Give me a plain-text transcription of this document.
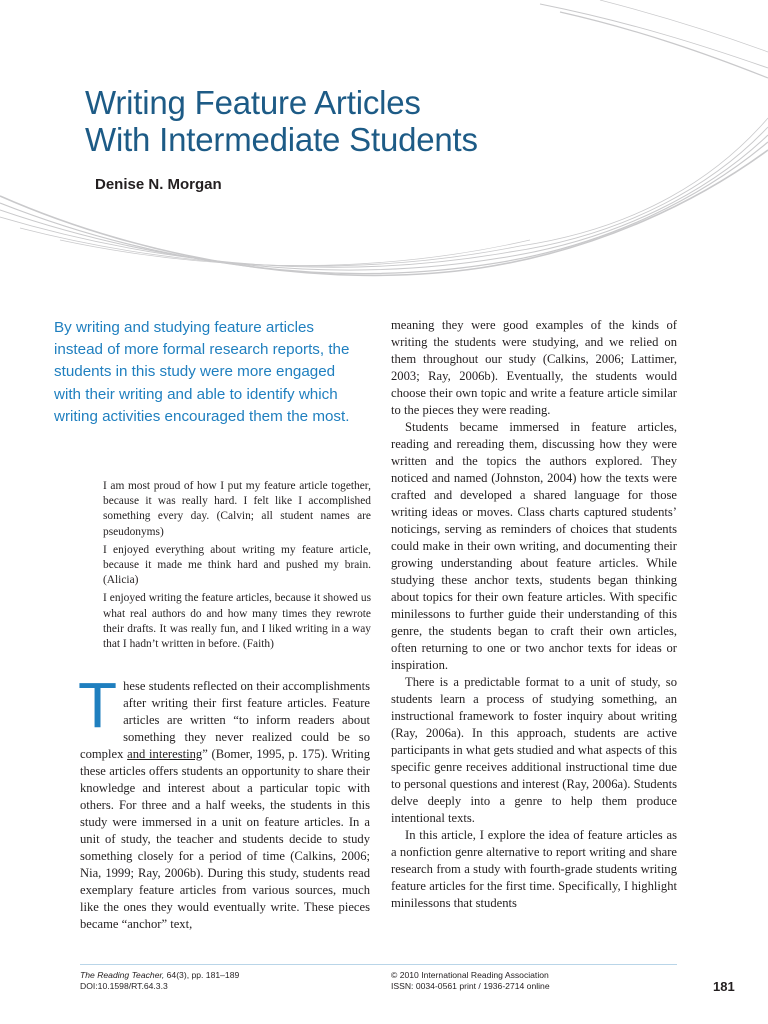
Writing Feature Articles
With Intermediate Students
Denise N. Morgan

By writing and studying feature articles instead of more formal research reports, the students in this study were more engaged with their writing and able to identify which writing activities encouraged them the most.

I am most proud of how I put my feature article together, because it was really hard. I felt like I accomplished something every day. (Calvin; all student names are pseudonyms)

I enjoyed everything about writing my feature article, because it made me think hard and pushed my brain. (Alicia)

I enjoyed writing the feature articles, because it showed us what real authors do and how many times they rewrote their drafts. It was really fun, and I liked writing in a way that I hadn’t written in before. (Faith)

These students reflected on their accomplishments after writing their first feature articles. Feature articles are written “to inform readers about something they never realized could be so complex and interesting” (Bomer, 1995, p. 175). Writing these articles offers students an opportunity to share their knowledge and interest about a particular topic with others. For three and a half weeks, the students in this study were immersed in a unit on feature articles. In a unit of study, the teacher and students decide to study something closely for a period of time (Calkins, 2006; Nia, 1999; Ray, 2006b). During this study, students read exemplary feature articles from various sources, much like the ones they would eventually write. These pieces became “anchor” text,

meaning they were good examples of the kinds of writing the students were studying, and we relied on them throughout our study (Calkins, 2006; Lattimer, 2003; Ray, 2006b). Eventually, the students would choose their own topic and write a feature article similar to the pieces they were reading.

Students became immersed in feature articles, reading and rereading them, discussing how they were written and the topics the authors explored. They noticed and named (Johnston, 2004) how the texts were crafted and developed a shared language for those writing ideas or moves. Class charts captured students’ noticings, serving as reminders of choices that students could make in their own writing, and documenting their growing understanding about feature articles. While studying these anchor texts, students began thinking about topics for their own feature articles. With specific minilessons to further guide their understanding of this genre, the students began to craft their own articles, often returning to one or two anchor texts for ideas or inspiration.

There is a predictable format to a unit of study, so students learn a process of studying something, an instructional framework to foster inquiry about writing (Ray, 2006a). In this approach, students are active participants in what gets studied and what aspects of this specific genre receives additional instructional time due to personal questions and interest (Ray, 2006a). Students delve deeply into a genre to help them produce intentional texts.

In this article, I explore the idea of feature articles as a nonfiction genre alternative to report writing and share research from a study with fourth-grade students writing feature articles for the first time. Specifically, I highlight minilessons that students

The Reading Teacher, 64(3), pp. 181–189
DOI:10.1598/RT.64.3.3
© 2010 International Reading Association
ISSN: 0034-0561 print / 1936-2714 online	181
